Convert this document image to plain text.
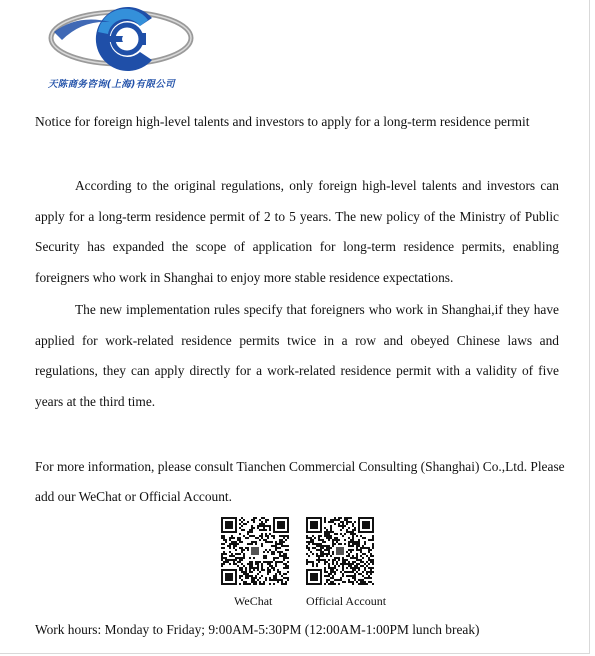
天陈商务咨询(上海)有限公司
Notice for foreign high-level talents and investors to apply for a long-term residence permit

According to the original regulations, only foreign high-level talents and investors can apply for a long-term residence permit of 2 to 5 years. The new policy of the Ministry of Public Security has expanded the scope of application for long-term residence permits, enabling foreigners who work in Shanghai to enjoy more stable residence expectations.

The new implementation rules specify that foreigners who work in Shanghai,if they have applied for work-related residence permits twice in a row and obeyed Chinese laws and regulations, they can apply directly for a work-related residence permit with a validity of five years at the third time.

For more information, please consult Tianchen Commercial Consulting (Shanghai) Co.,Ltd. Please add our WeChat or Official Account.

WeChat	Official Account
Work hours: Monday to Friday; 9:00AM-5:30PM (12:00AM-1:00PM lunch break)
